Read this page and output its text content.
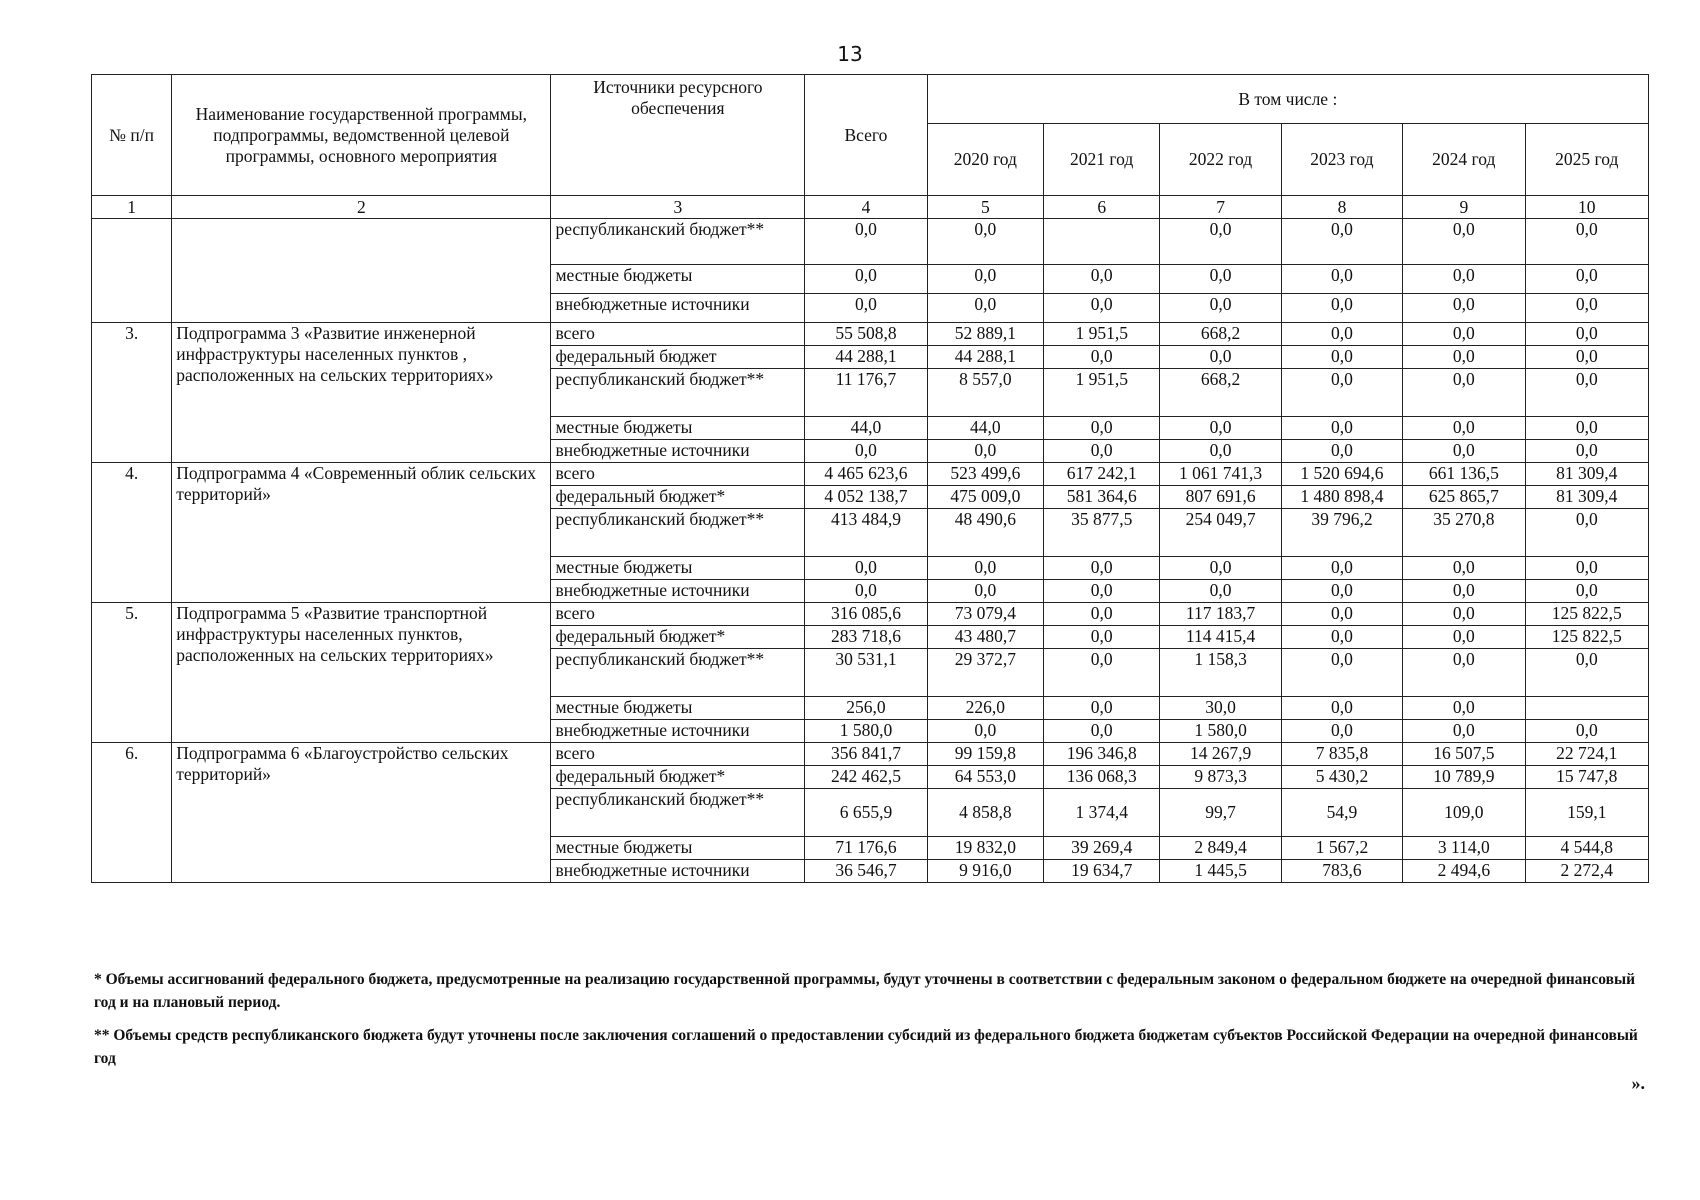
13
№ п/п	Наименование государственной программы, подпрограммы, ведомственной целевой программы, основного мероприятия	Источники ресурсного обеспечения	Всего	В том числе :					
				2020 год	2021 год	2022 год	2023 год	2024 год	2025 год
1	2	3	4	5	6	7	8	9	10
		республиканский бюджет**	0,0	0,0		0,0	0,0	0,0	0,0
		местные бюджеты	0,0	0,0	0,0	0,0	0,0	0,0	0,0
		внебюджетные источники	0,0	0,0	0,0	0,0	0,0	0,0	0,0
3.	Подпрограмма 3 «Развитие инженерной инфраструктуры населенных пунктов , расположенных на сельских территориях»	всего	55 508,8	52 889,1	1 951,5	668,2	0,0	0,0	0,0
		федеральный бюджет	44 288,1	44 288,1	0,0	0,0	0,0	0,0	0,0
		республиканский бюджет**	11 176,7	8 557,0	1 951,5	668,2	0,0	0,0	0,0
		местные бюджеты	44,0	44,0	0,0	0,0	0,0	0,0	0,0
		внебюджетные источники	0,0	0,0	0,0	0,0	0,0	0,0	0,0
4.	Подпрограмма 4 «Современный облик сельских территорий»	всего	4 465 623,6	523 499,6	617 242,1	1 061 741,3	1 520 694,6	661 136,5	81 309,4
		федеральный бюджет*	4 052 138,7	475 009,0	581 364,6	807 691,6	1 480 898,4	625 865,7	81 309,4
		республиканский бюджет**	413 484,9	48 490,6	35 877,5	254 049,7	39 796,2	35 270,8	0,0
		местные бюджеты	0,0	0,0	0,0	0,0	0,0	0,0	0,0
		внебюджетные источники	0,0	0,0	0,0	0,0	0,0	0,0	0,0
5.	Подпрограмма 5 «Развитие транспортной инфраструктуры населенных пунктов, расположенных на сельских территориях»	всего	316 085,6	73 079,4	0,0	117 183,7	0,0	0,0	125 822,5
		федеральный бюджет*	283 718,6	43 480,7	0,0	114 415,4	0,0	0,0	125 822,5
		республиканский бюджет**	30 531,1	29 372,7	0,0	1 158,3	0,0	0,0	0,0
		местные бюджеты	256,0	226,0	0,0	30,0	0,0	0,0	
		внебюджетные источники	1 580,0	0,0	0,0	1 580,0	0,0	0,0	0,0
6.	Подпрограмма 6 «Благоустройство сельских территорий»	всего	356 841,7	99 159,8	196 346,8	14 267,9	7 835,8	16 507,5	22 724,1
		федеральный бюджет*	242 462,5	64 553,0	136 068,3	9 873,3	5 430,2	10 789,9	15 747,8
		республиканский бюджет**	6 655,9	4 858,8	1 374,4	99,7	54,9	109,0	159,1
		местные бюджеты	71 176,6	19 832,0	39 269,4	2 849,4	1 567,2	3 114,0	4 544,8
		внебюджетные источники	36 546,7	9 916,0	19 634,7	1 445,5	783,6	2 494,6	2 272,4

* Объемы ассигнований федерального бюджета, предусмотренные на реализацию государственной программы, будут уточнены в соответствии с федеральным законом о федеральном бюджете на очередной финансовый год и на плановый период.

** Объемы средств республиканского бюджета будут уточнены после заключения соглашений о предоставлении субсидий из федерального бюджета бюджетам субъектов Российской Федерации на очередной финансовый год

».
